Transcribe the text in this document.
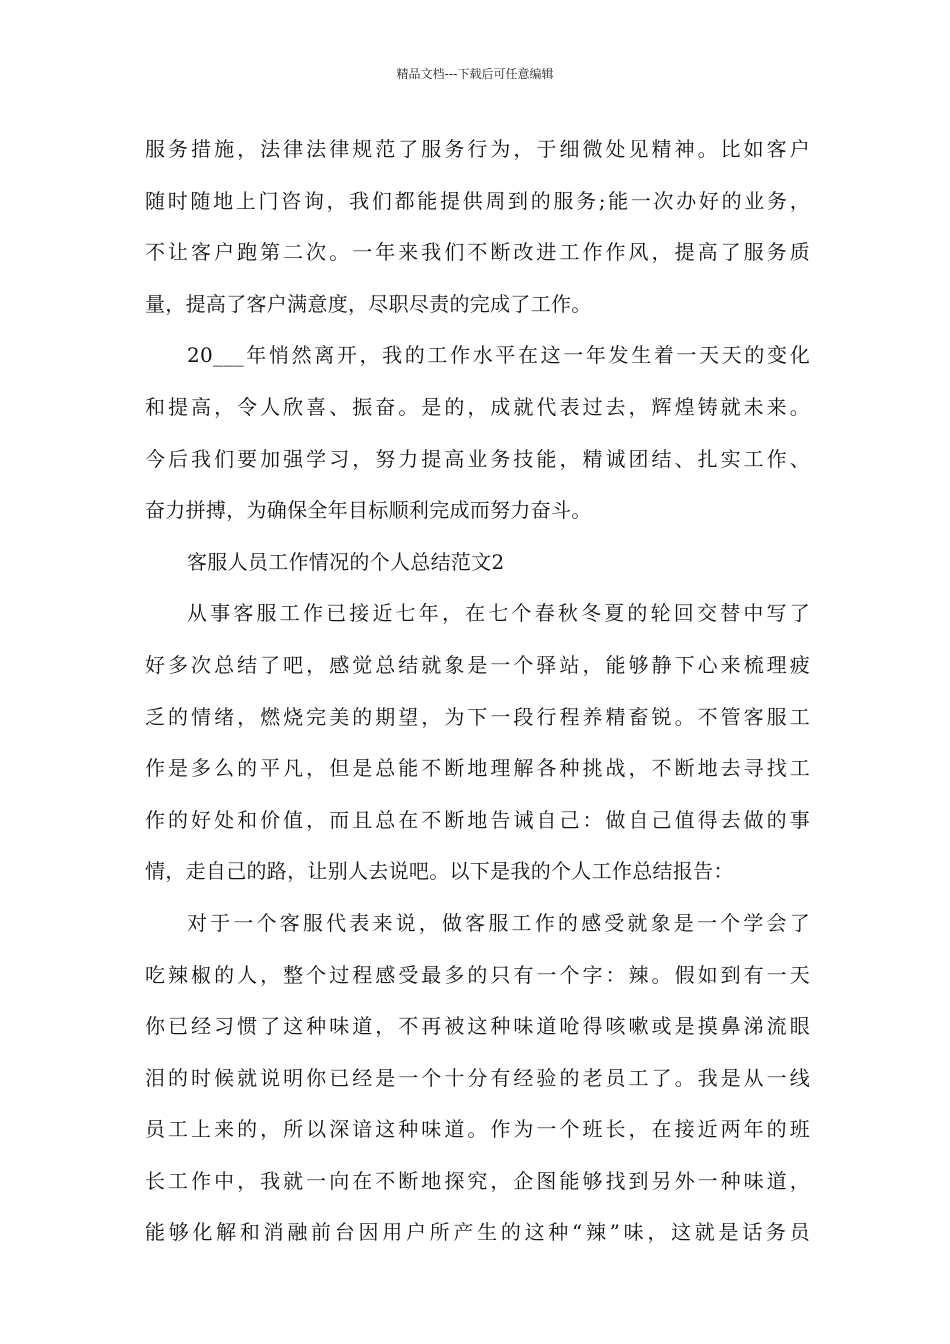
精品文档---下载后可任意编辑
服务措施，法律法律规范了服务行为，于细微处见精神。比如客户
随时随地上门咨询，我们都能提供周到的服务;能一次办好的业务，
不让客户跑第二次。一年来我们不断改进工作作风，提高了服务质
量，提高了客户满意度，尽职尽责的完成了工作。
20___年悄然离开，我的工作水平在这一年发生着一天天的变化
和提高，令人欣喜、振奋。是的，成就代表过去，辉煌铸就未来。
今后我们要加强学习，努力提高业务技能，精诚团结、扎实工作、
奋力拼搏，为确保全年目标顺利完成而努力奋斗。
客服人员工作情况的个人总结范文2
从事客服工作已接近七年，在七个春秋冬夏的轮回交替中写了
好多次总结了吧，感觉总结就象是一个驿站，能够静下心来梳理疲
乏的情绪，燃烧完美的期望，为下一段行程养精畜锐。不管客服工
作是多么的平凡，但是总能不断地理解各种挑战，不断地去寻找工
作的好处和价值，而且总在不断地告诫自己：做自己值得去做的事
情，走自己的路，让别人去说吧。以下是我的个人工作总结报告：
对于一个客服代表来说，做客服工作的感受就象是一个学会了
吃辣椒的人，整个过程感受最多的只有一个字：辣。假如到有一天
你已经习惯了这种味道，不再被这种味道呛得咳嗽或是摸鼻涕流眼
泪的时候就说明你已经是一个十分有经验的老员工了。我是从一线
员工上来的，所以深谙这种味道。作为一个班长，在接近两年的班
长工作中，我就一向在不断地探究，企图能够找到另外一种味道，
能够化解和消融前台因用户所产生的这种“辣”味，这就是话务员
